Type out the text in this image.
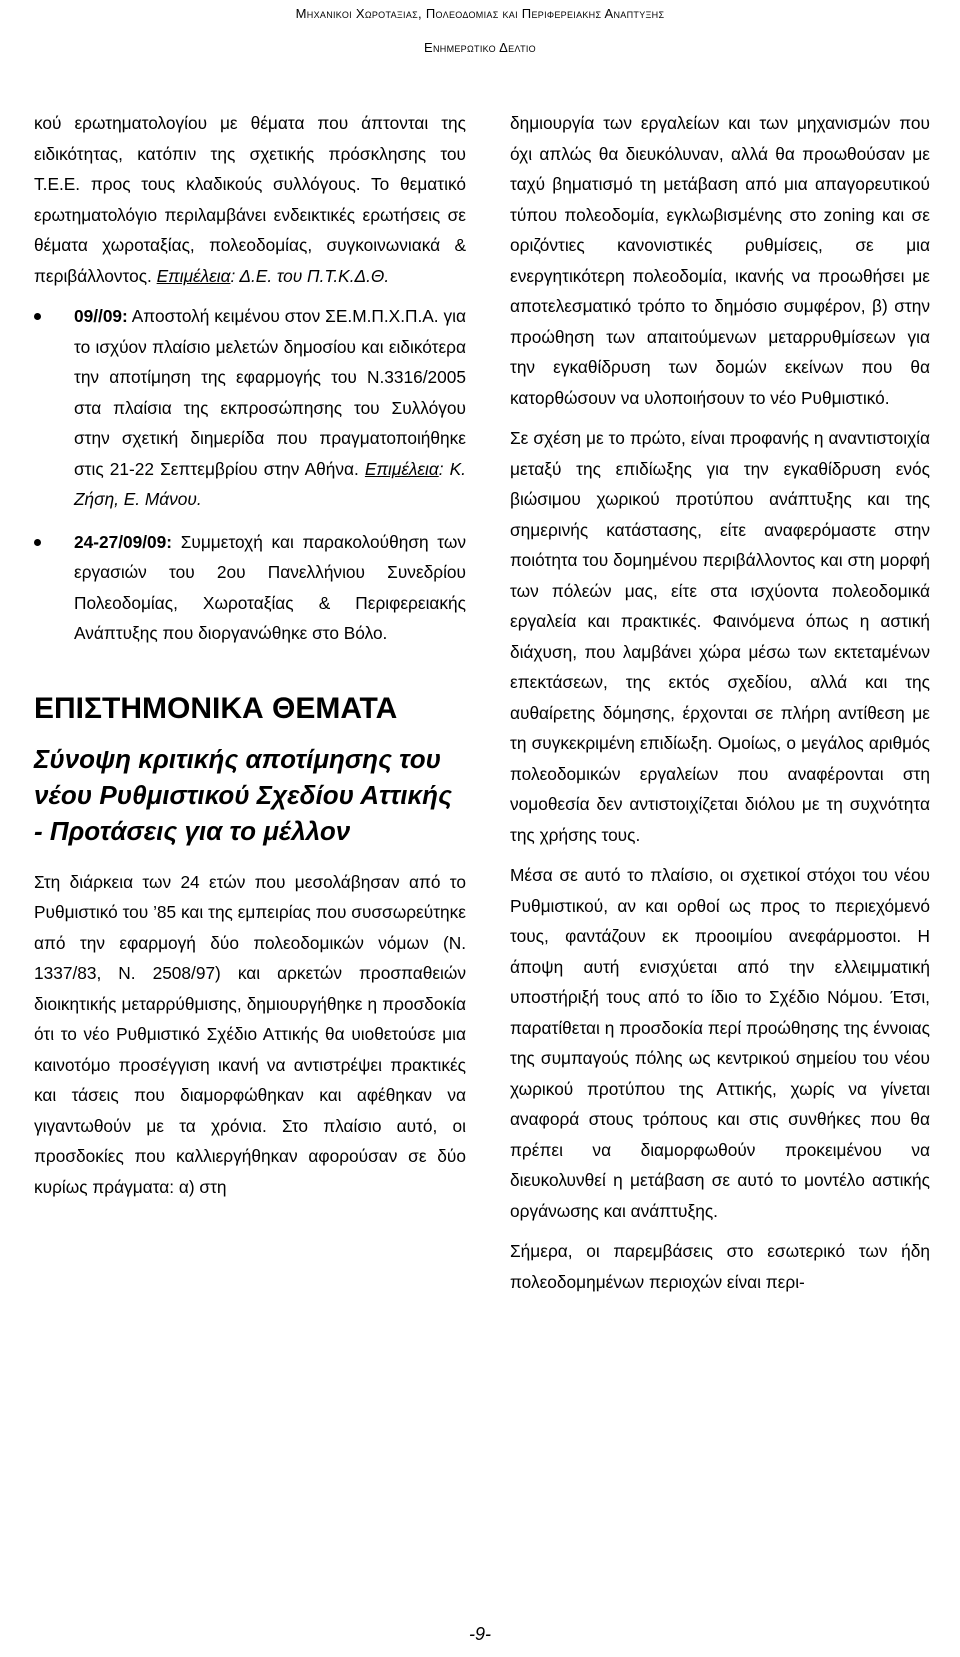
Μηχανικοι Χωροταξιας, Πολεοδομιας και Περιφερειακης Αναπτυξης
Ενημερωτικο Δελτιο

κού ερωτηματολογίου με θέματα που άπτονται της ειδικότητας, κατόπιν της σχετικής πρόσκλησης του Τ.Ε.Ε. προς τους κλαδικούς συλλόγους. Το θεματικό ερωτηματολόγιο περιλαμβάνει ενδεικτικές ερωτήσεις σε θέματα χωροταξίας, πολεοδομίας, συγκοινωνιακά & περιβάλλοντος. Επιμέλεια: Δ.Ε. του Π.Τ.Κ.Δ.Θ.

09//09: Αποστολή κειμένου στον ΣΕ.Μ.Π.Χ.Π.Α. για το ισχύον πλαίσιο μελετών δημοσίου και ειδικότερα την αποτίμηση της εφαρμογής του Ν.3316/2005 στα πλαίσια της εκπροσώπησης του Συλλόγου στην σχετική διημερίδα που πραγματοποιήθηκε στις 21-22 Σεπτεμβρίου στην Αθήνα. Επιμέλεια: Κ. Ζήση, Ε. Μάνου.
24-27/09/09: Συμμετοχή και παρακολούθηση των εργασιών του 2ου Πανελλήνιου Συνεδρίου Πολεοδομίας, Χωροταξίας & Περιφερειακής Ανάπτυξης που διοργανώθηκε στο Βόλο.
ΕΠΙΣΤΗΜΟΝΙΚΑ ΘΕΜΑΤΑ
Σύνοψη κριτικής αποτίμησης του νέου Ρυθμιστικού Σχεδίου Αττικής - Προτάσεις για το μέλλον

Στη διάρκεια των 24 ετών που μεσολάβησαν από το Ρυθμιστικό του ’85 και της εμπειρίας που συσσωρεύτηκε από την εφαρμογή δύο πολεοδομικών νόμων (Ν. 1337/83, Ν. 2508/97) και αρκετών προσπαθειών διοικητικής μεταρρύθμισης, δημιουργήθηκε η προσδοκία ότι το νέο Ρυθμιστικό Σχέδιο Αττικής θα υιοθετούσε μια καινοτόμο προσέγγιση ικανή να αντιστρέψει πρακτικές και τάσεις που διαμορφώθηκαν και αφέθηκαν να γιγαντωθούν με τα χρόνια. Στο πλαίσιο αυτό, οι προσδοκίες που καλλιεργήθηκαν αφορούσαν σε δύο κυρίως πράγματα: α) στη

δημιουργία των εργαλείων και των μηχανισμών που όχι απλώς θα διευκόλυναν, αλλά θα προωθούσαν με ταχύ βηματισμό τη μετάβαση από μια απαγορευτικού τύπου πολεοδομία, εγκλωβισμένης στο zoning και σε οριζόντιες κανονιστικές ρυθμίσεις, σε μια ενεργητικότερη πολεοδομία, ικανής να προωθήσει με αποτελεσματικό τρόπο το δημόσιο συμφέρον, β) στην προώθηση των απαιτούμενων μεταρρυθμίσεων για την εγκαθίδρυση των δομών εκείνων που θα κατορθώσουν να υλοποιήσουν το νέο Ρυθμιστικό.

Σε σχέση με το πρώτο, είναι προφανής η αναντιστοιχία μεταξύ της επιδίωξης για την εγκαθίδρυση ενός βιώσιμου χωρικού προτύπου ανάπτυξης και της σημερινής κατάστασης, είτε αναφερόμαστε στην ποιότητα του δομημένου περιβάλλοντος και στη μορφή των πόλεών μας, είτε στα ισχύοντα πολεοδομικά εργαλεία και πρακτικές. Φαινόμενα όπως η αστική διάχυση, που λαμβάνει χώρα μέσω των εκτεταμένων επεκτάσεων, της εκτός σχεδίου, αλλά και της αυθαίρετης δόμησης, έρχονται σε πλήρη αντίθεση με τη συγκεκριμένη επιδίωξη. Ομοίως, ο μεγάλος αριθμός πολεοδομικών εργαλείων που αναφέρονται στη νομοθεσία δεν αντιστοιχίζεται διόλου με τη συχνότητα της χρήσης τους.

Μέσα σε αυτό το πλαίσιο, οι σχετικοί στόχοι του νέου Ρυθμιστικού, αν και ορθοί ως προς το περιεχόμενό τους, φαντάζουν εκ προοιμίου ανεφάρμοστοι. Η άποψη αυτή ενισχύεται από την ελλειμματική υποστήριξή τους από το ίδιο το Σχέδιο Νόμου. Έτσι, παρατίθεται η προσδοκία περί προώθησης της έννοιας της συμπαγούς πόλης ως κεντρικού σημείου του νέου χωρικού προτύπου της Αττικής, χωρίς να γίνεται αναφορά στους τρόπους και στις συνθήκες που θα πρέπει να διαμορφωθούν προκειμένου να διευκολυνθεί η μετάβαση σε αυτό το μοντέλο αστικής οργάνωσης και ανάπτυξης.

Σήμερα, οι παρεμβάσεις στο εσωτερικό των ήδη πολεοδομημένων περιοχών είναι περι-

-9-
